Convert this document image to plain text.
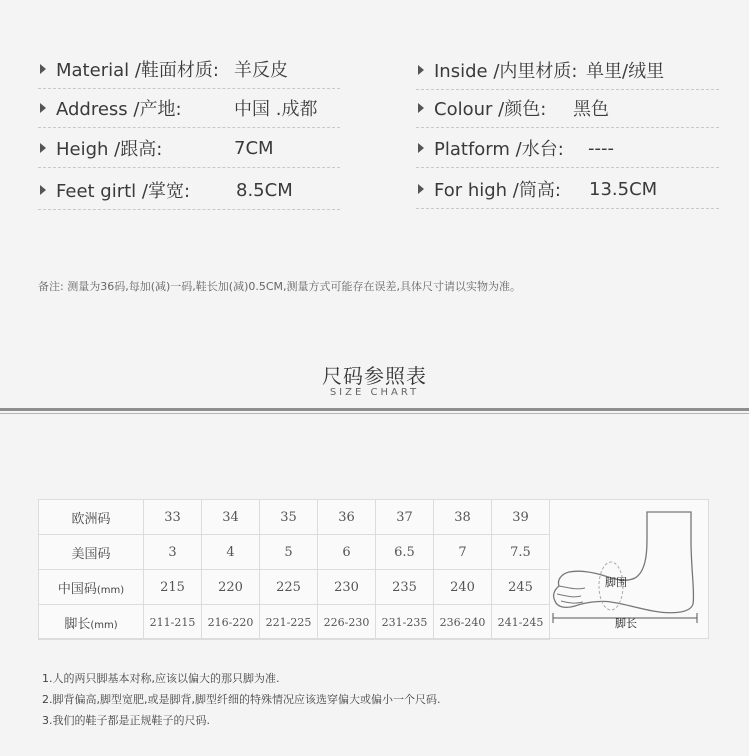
Material /鞋面材质: 羊反皮
Address /产地:	中国 .成都
Heigh /跟高:	7CM
Feet girtl /掌宽:	8.5CM
Inside /内里材质: 单里/绒里
Colour /颜色: 黑色
Platform /水台: ----
For high /筒高: 13.5CM
备注: 测量为36码,每加(减)一码,鞋长加(减)0.5CM,测量方式可能存在误差,具体尺寸请以实物为准。
尺码参照表
SIZE CHART
欧洲码	33	34	35	36	37	38	39
美国码	3	4	5	6	6.5	7	7.5
中国码(mm)	215	220	225	230	235	240	245
脚长(mm)	211-215	216-220	221-225	226-230	231-235	236-240	241-245
脚围
脚长
1.人的两只脚基本对称,应该以偏大的那只脚为准.
2.脚背偏高,脚型宽肥,或是脚背,脚型纤细的特殊情况应该选穿偏大或偏小一个尺码.
3.我们的鞋子都是正规鞋子的尺码.
